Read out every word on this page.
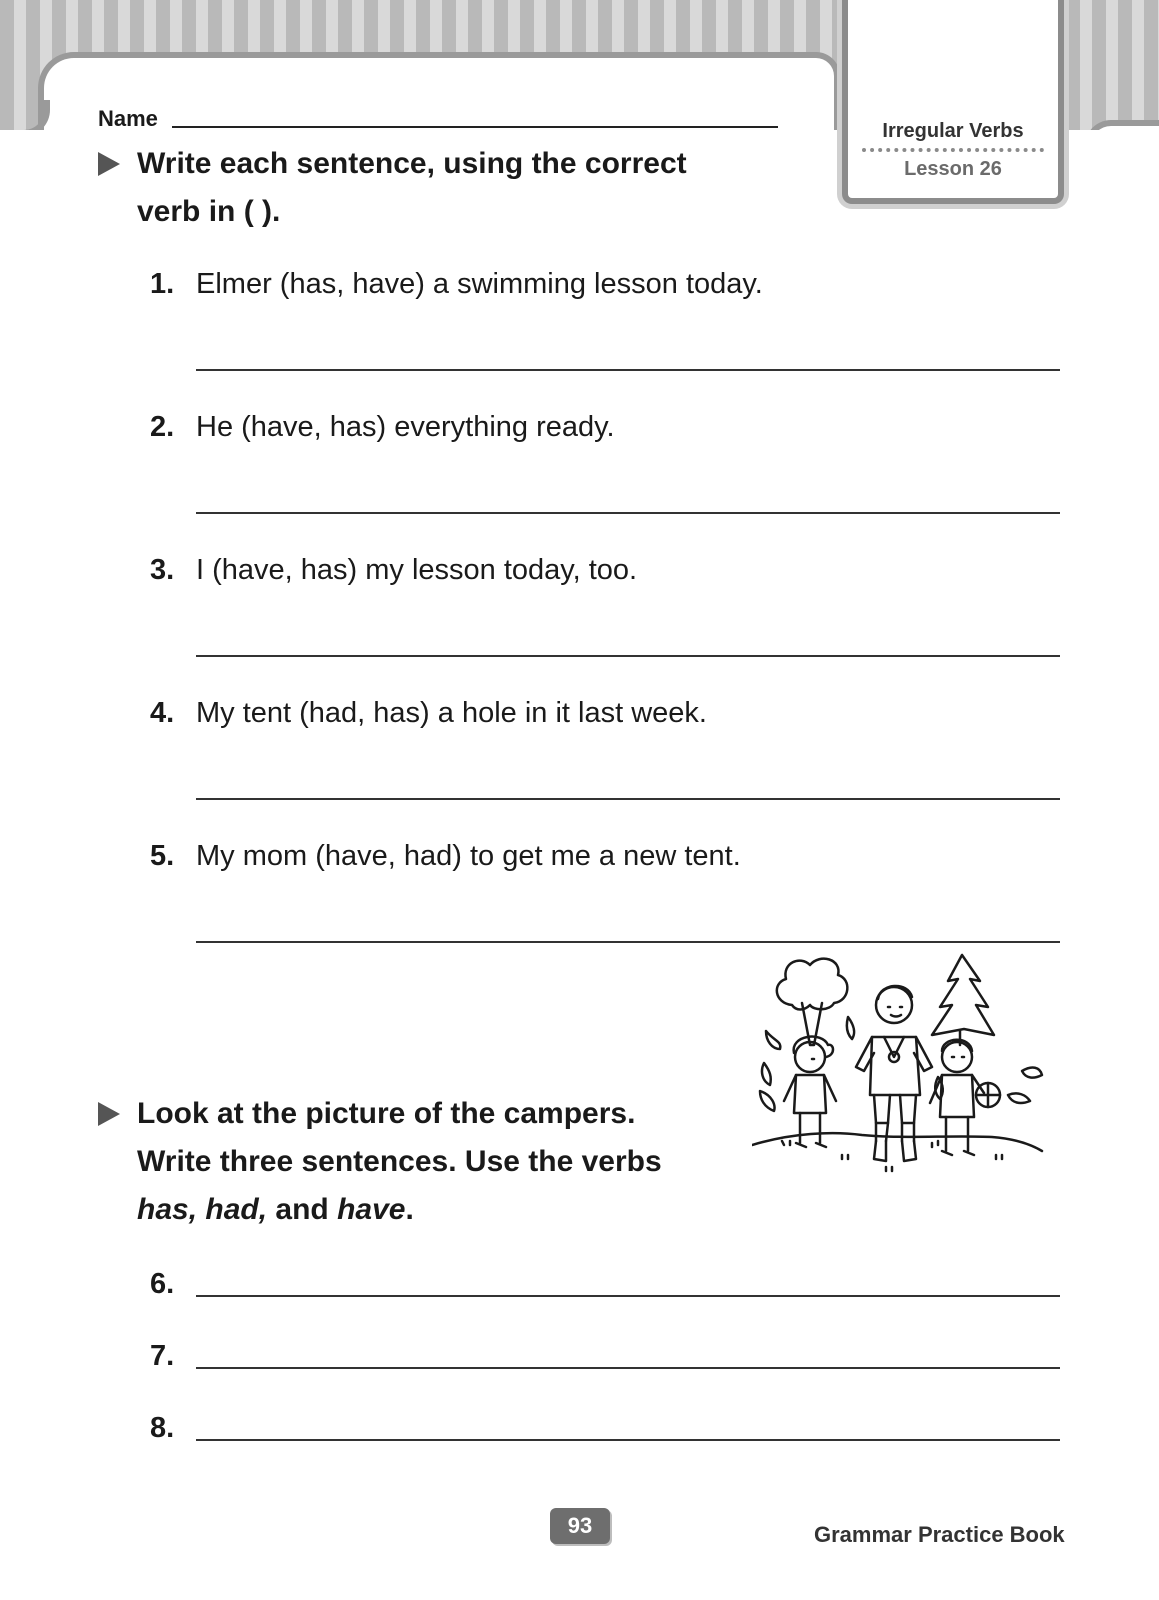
Irregular Verbs
Lesson 26
Name
Write each sentence, using the correct
verb in ( ).
1. Elmer (has, have) a swimming lesson today.
2. He (have, has) everything ready.
3. I (have, has) my lesson today, too.
4. My tent (had, has) a hole in it last week.
5. My mom (have, had) to get me a new tent.
Look at the picture of the campers.
Write three sentences. Use the verbs
has, had, and have.
6.
7.
8.
93	Grammar Practice Book
